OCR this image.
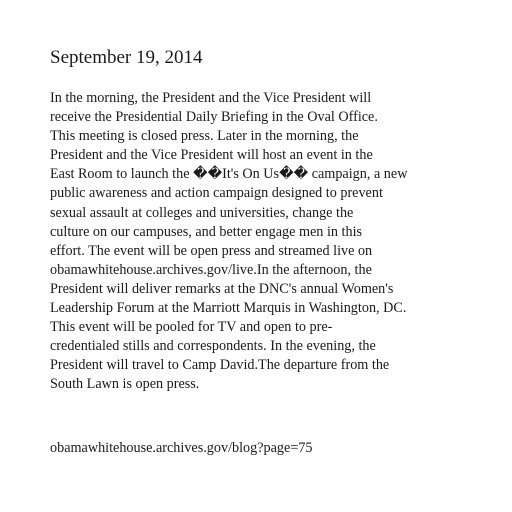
September 19, 2014

In the morning, the President and the Vice President will
receive the Presidential Daily Briefing in the Oval Office.
This meeting is closed press. Later in the morning, the
President and the Vice President will host an event in the
East Room to launch the ��It's On Us�� campaign, a new
public awareness and action campaign designed to prevent
sexual assault at colleges and universities, change the
culture on our campuses, and better engage men in this
effort. The event will be open press and streamed live on
obamawhitehouse.archives.gov/live.In the afternoon, the
President will deliver remarks at the DNC's annual Women's
Leadership Forum at the Marriott Marquis in Washington, DC.
This event will be pooled for TV and open to pre-
credentialed stills and correspondents. In the evening, the
President will travel to Camp David.The departure from the
South Lawn is open press.

obamawhitehouse.archives.gov/blog?page=75
